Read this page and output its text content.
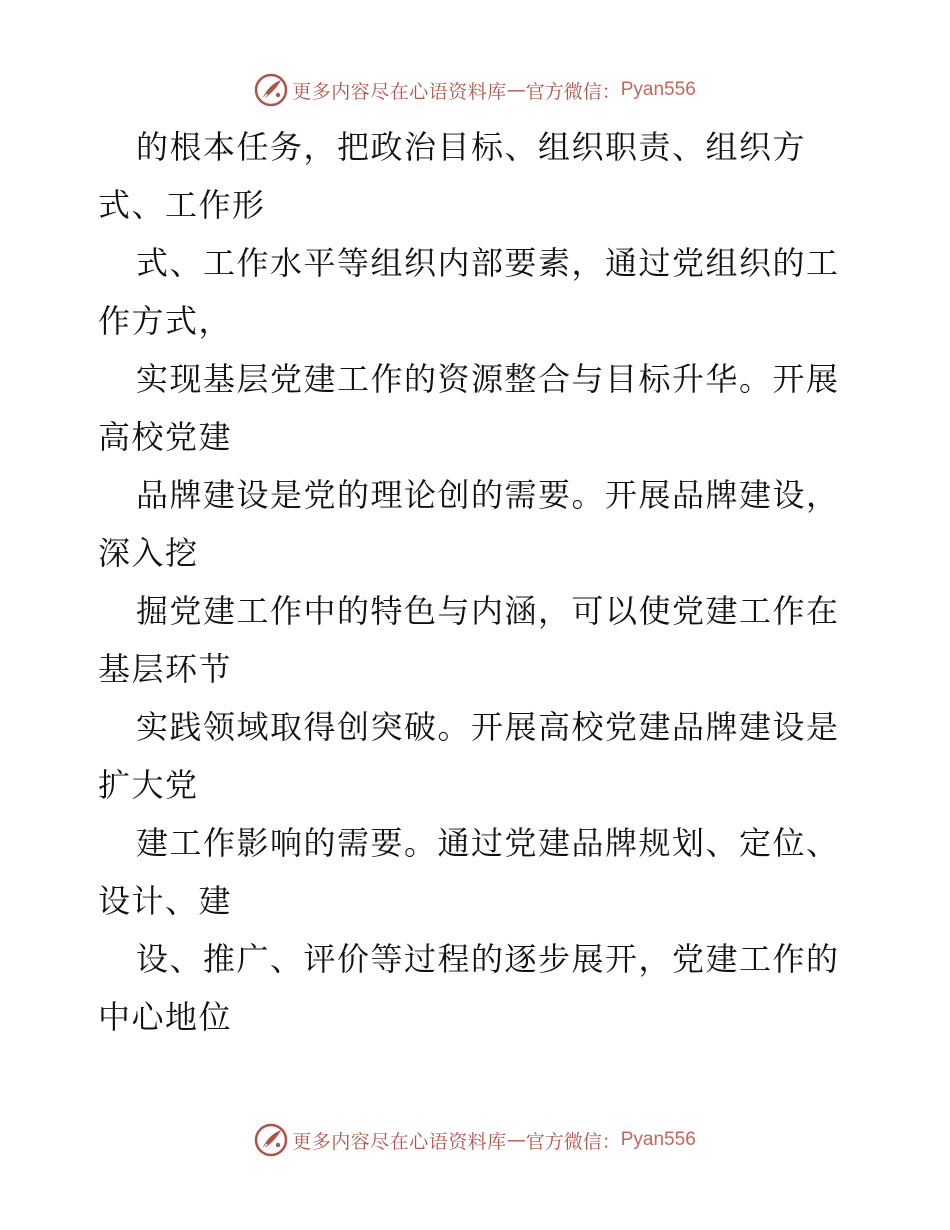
更多内容尽在心语资料库 — 官方微信： Pyan556
的根本任务，把政治目标、组织职责、组织方
式、工作形
式、工作水平等组织内部要素，通过党组织的工
作方式，
实现基层党建工作的资源整合与目标升华。开展
高校党建
品牌建设是党的理论创的需要。开展品牌建设，
深入挖
掘党建工作中的特色与内涵，可以使党建工作在
基层环节
实践领域取得创突破。开展高校党建品牌建设是
扩大党
建工作影响的需要。通过党建品牌规划、定位、
设计、建
设、推广、评价等过程的逐步展开，党建工作的
中心地位
更多内容尽在心语资料库 — 官方微信： Pyan556
